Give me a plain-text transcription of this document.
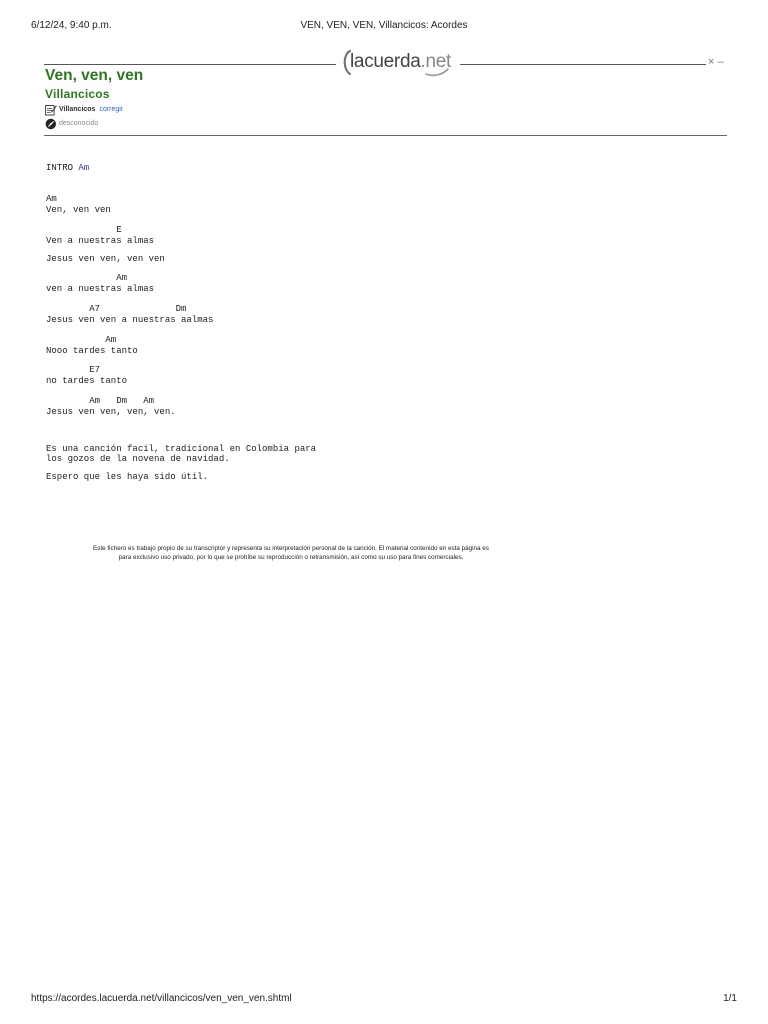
6/12/24, 9:40 p.m.	VEN, VEN, VEN, Villancicos: Acordes
lacuerda.net	× –
Ven, ven, ven
Villancicos
Villancicos corregir
desconocido
INTRO Am
Am
Ven, ven ven
E
Ven a nuestras almas
Jesus ven ven, ven ven
Am
ven a nuestras almas
A7              Dm
Jesus ven ven a nuestras aalmas
Am
Nooo tardes tanto
E7
no tardes tanto
Am   Dm   Am
Jesus ven ven, ven, ven.
Es una canción facil, tradicional en Colombia para
los gozos de la novena de navidad.
Espero que les haya sido útil.
Este fichero es trabajo propio de su transcriptor y representa su interpretación personal de la canción. El material contenido en esta página es
para exclusivo uso privado, por lo que se prohíbe su reproducción o retransmisión, así como su uso para fines comerciales.
https://acordes.lacuerda.net/villancicos/ven_ven_ven.shtml	1/1
